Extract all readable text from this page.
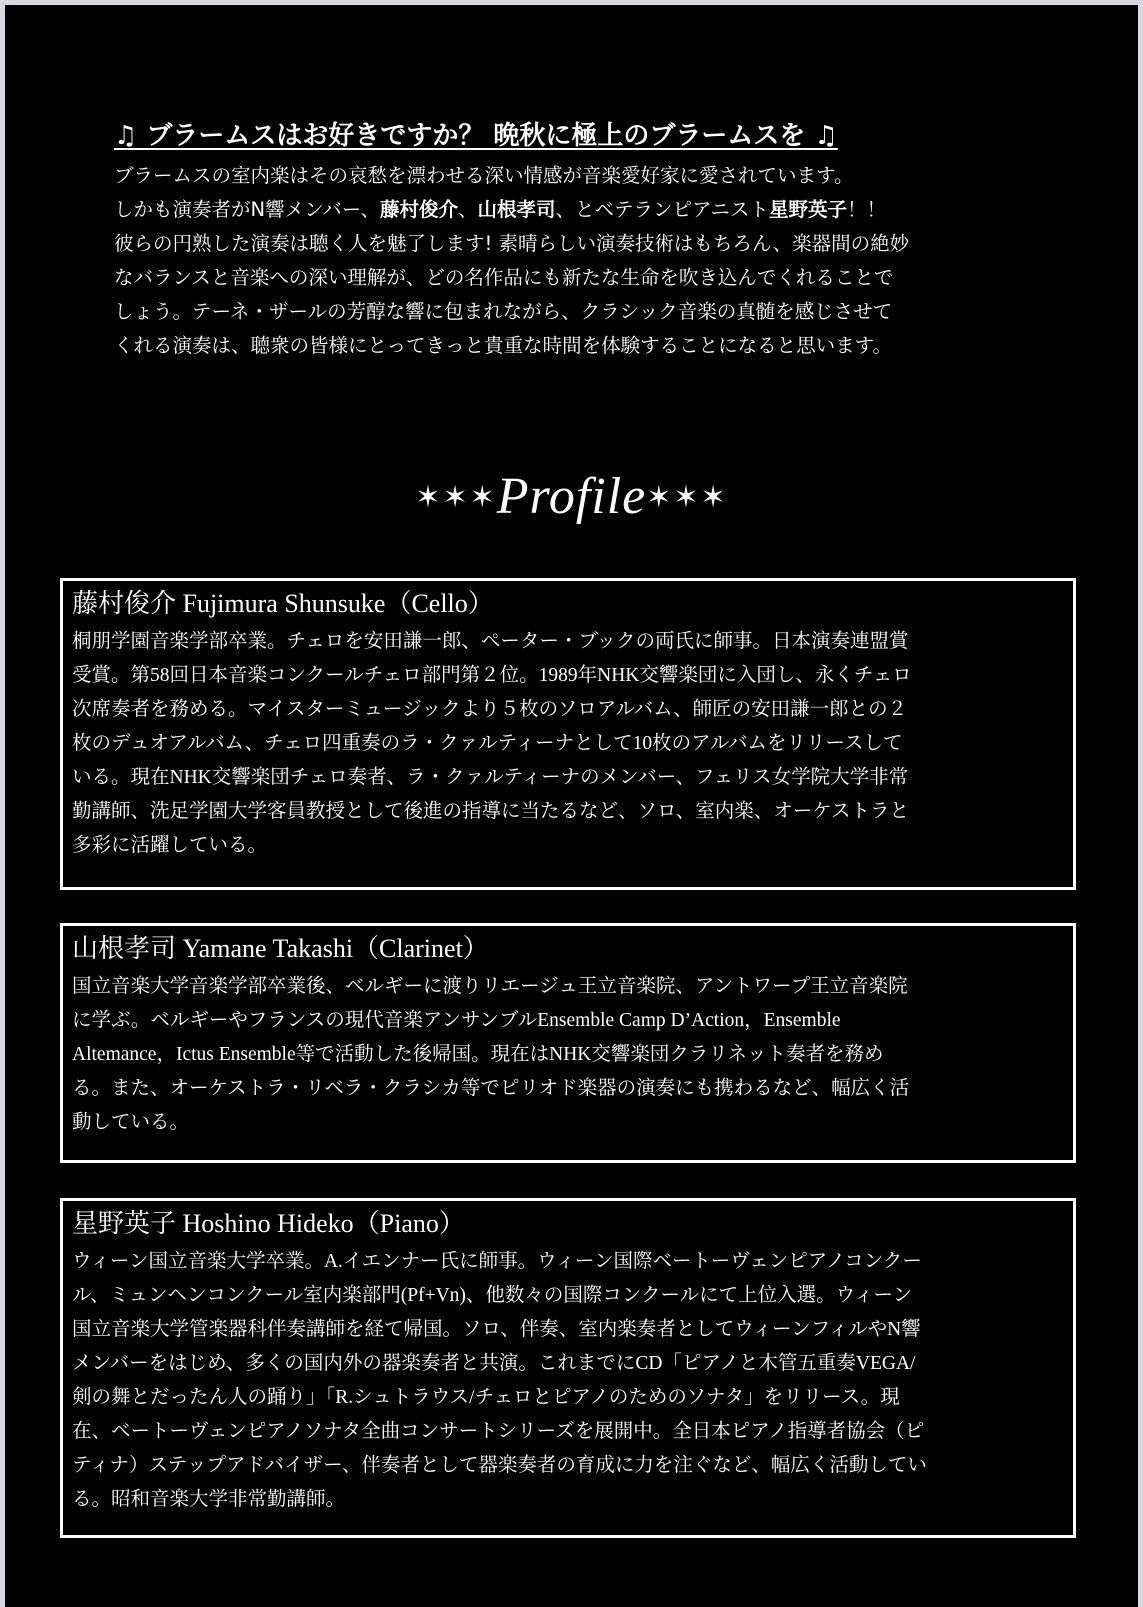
♫ ブラームスはお好きですか？ 晩秋に極上のブラームスを ♫
ブラームスの室内楽はその哀愁を漂わせる深い情感が音楽愛好家に愛されています。
しかも演奏者がN響メンバー、藤村俊介、山根孝司、とベテランピアニスト星野英子！！
彼らの円熟した演奏は聴く人を魅了します! 素晴らしい演奏技術はもちろん、楽器間の絶妙
なバランスと音楽への深い理解が、どの名作品にも新たな生命を吹き込んでくれることで
しょう。テーネ・ザールの芳醇な響に包まれながら、クラシック音楽の真髄を感じさせて
くれる演奏は、聴衆の皆様にとってきっと貴重な時間を体験することになると思います。
✶✶✶Profile✶✶✶
藤村俊介 Fujimura Shunsuke（Cello）
桐朋学園音楽学部卒業。チェロを安田謙一郎、ペーター・ブックの両氏に師事。日本演奏連盟賞
受賞。第58回日本音楽コンクールチェロ部門第２位。1989年NHK交響楽団に入団し、永くチェロ
次席奏者を務める。マイスターミュージックより５枚のソロアルバム、師匠の安田謙一郎との２
枚のデュオアルバム、チェロ四重奏のラ・クァルティーナとして10枚のアルバムをリリースして
いる。現在NHK交響楽団チェロ奏者、ラ・クァルティーナのメンバー、フェリス女学院大学非常
勤講師、洗足学園大学客員教授として後進の指導に当たるなど、ソロ、室内楽、オーケストラと
多彩に活躍している。
山根孝司 Yamane Takashi（Clarinet）
国立音楽大学音楽学部卒業後、ベルギーに渡りリエージュ王立音楽院、アントワープ王立音楽院
に学ぶ。ベルギーやフランスの現代音楽アンサンブルEnsemble Camp D’Action，Ensemble
Altemance，Ictus Ensemble等で活動した後帰国。現在はNHK交響楽団クラリネット奏者を務め
る。また、オーケストラ・リベラ・クラシカ等でピリオド楽器の演奏にも携わるなど、幅広く活
動している。
星野英子 Hoshino Hideko（Piano）
ウィーン国立音楽大学卒業。A.イエンナー氏に師事。ウィーン国際ベートーヴェンピアノコンクー
ル、ミュンヘンコンクール室内楽部門(Pf+Vn)、他数々の国際コンクールにて上位入選。ウィーン
国立音楽大学管楽器科伴奏講師を経て帰国。ソロ、伴奏、室内楽奏者としてウィーンフィルやN響
メンバーをはじめ、多くの国内外の器楽奏者と共演。これまでにCD「ピアノと木管五重奏VEGA/
剣の舞とだったん人の踊り」「R.シュトラウス/チェロとピアノのためのソナタ」をリリース。現
在、ベートーヴェンピアノソナタ全曲コンサートシリーズを展開中。全日本ピアノ指導者協会（ピ
ティナ）ステップアドバイザー、伴奏者として器楽奏者の育成に力を注ぐなど、幅広く活動してい
る。昭和音楽大学非常勤講師。
